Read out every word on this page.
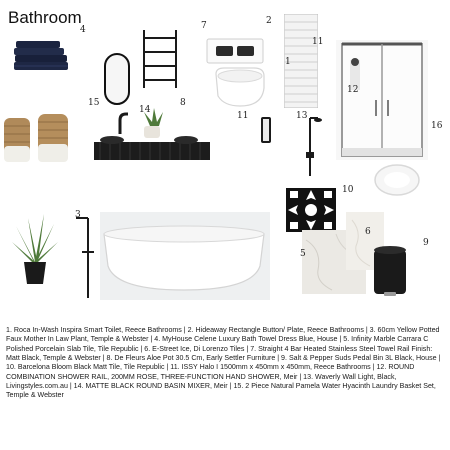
Bathroom
4
15
7	2
11
12
16
1
11
14
8
13
10
6
5
9
3
1. Roca In-Wash Inspira Smart Toilet, Reece Bathrooms | 2. Hideaway Rectangle Button/ Plate, Reece Bathrooms | 3. 60cm Yellow Potted Faux Mother In Law Plant, Temple & Webster | 4. MyHouse Celene Luxury Bath Towel Dress Blue, House | 5. Infinity Marble Carrara C Polished Porcelain Slab Tile, Tile Republic | 6. E-Street Ice, Di Lorenzo Tiles | 7. Straight 4 Bar Heated Stainless Steel Towel Rail Finish: Matt Black, Temple & Webster | 8. De Fleurs Aloe Pot 30.5 Cm, Early Settler Furniture | 9. Salt & Pepper Suds Pedal Bin 3L Black, House | 10. Barcelona Bloom Black Matt Tile, Tile Republic | 11. ISSY Halo I 1500mm x 450mm x 450mm, Reece Bathrooms | 12. ROUND COMBINATION SHOWER RAIL, 200MM ROSE, THREE-FUNCTION HAND SHOWER, Meir | 13. Waverly Wall Light, Black, Livingstyles.com.au | 14. MATTE BLACK ROUND BASIN MIXER, Meir | 15. 2 Piece Natural Pamela Water Hyacinth Laundry Basket Set, Temple & Webster
